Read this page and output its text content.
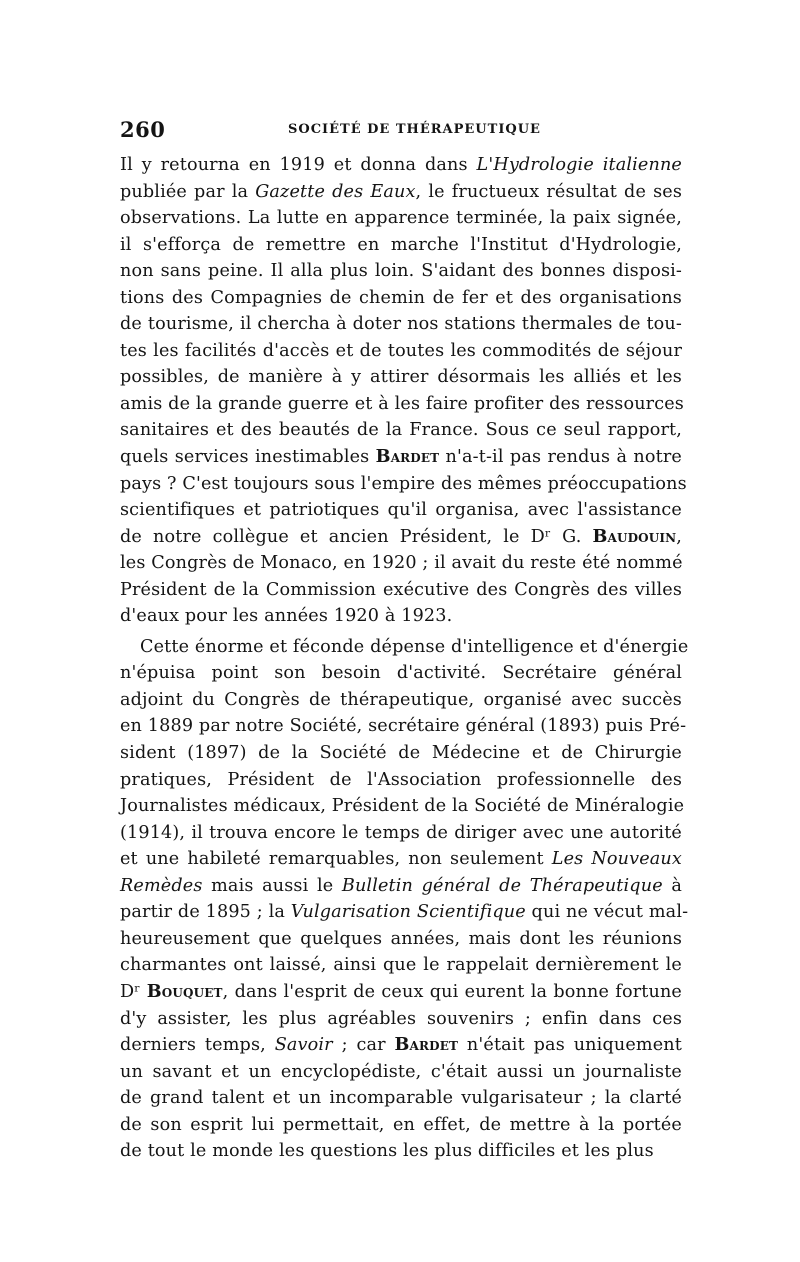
260	SOCIÉTÉ DE THÉRAPEUTIQUE
Il y retourna en 1919 et donna dans L'Hydrologie italienne
publiée par la Gazette des Eaux, le fructueux résultat de ses
observations. La lutte en apparence terminée, la paix signée,
il s'efforça de remettre en marche l'Institut d'Hydrologie,
non sans peine. Il alla plus loin. S'aidant des bonnes disposi-
tions des Compagnies de chemin de fer et des organisations
de tourisme, il chercha à doter nos stations thermales de tou-
tes les facilités d'accès et de toutes les commodités de séjour
possibles, de manière à y attirer désormais les alliés et les
amis de la grande guerre et à les faire profiter des ressources
sanitaires et des beautés de la France. Sous ce seul rapport,
quels services inestimables Bardet n'a-t-il pas rendus à notre
pays ? C'est toujours sous l'empire des mêmes préoccupations
scientifiques et patriotiques qu'il organisa, avec l'assistance
de notre collègue et ancien Président, le Dʳ G. Baudouin,
les Congrès de Monaco, en 1920 ; il avait du reste été nommé
Président de la Commission exécutive des Congrès des villes
d'eaux pour les années 1920 à 1923.
Cette énorme et féconde dépense d'intelligence et d'énergie
n'épuisa point son besoin d'activité. Secrétaire général
adjoint du Congrès de thérapeutique, organisé avec succès
en 1889 par notre Société, secrétaire général (1893) puis Pré-
sident (1897) de la Société de Médecine et de Chirurgie
pratiques, Président de l'Association professionnelle des
Journalistes médicaux, Président de la Société de Minéralogie
(1914), il trouva encore le temps de diriger avec une autorité
et une habileté remarquables, non seulement Les Nouveaux
Remèdes mais aussi le Bulletin général de Thérapeutique à
partir de 1895 ; la Vulgarisation Scientifique qui ne vécut mal-
heureusement que quelques années, mais dont les réunions
charmantes ont laissé, ainsi que le rappelait dernièrement le
Dʳ Bouquet, dans l'esprit de ceux qui eurent la bonne fortune
d'y assister, les plus agréables souvenirs ; enfin dans ces
derniers temps, Savoir ; car Bardet n'était pas uniquement
un savant et un encyclopédiste, c'était aussi un journaliste
de grand talent et un incomparable vulgarisateur ; la clarté
de son esprit lui permettait, en effet, de mettre à la portée
de tout le monde les questions les plus difficiles et les plus
